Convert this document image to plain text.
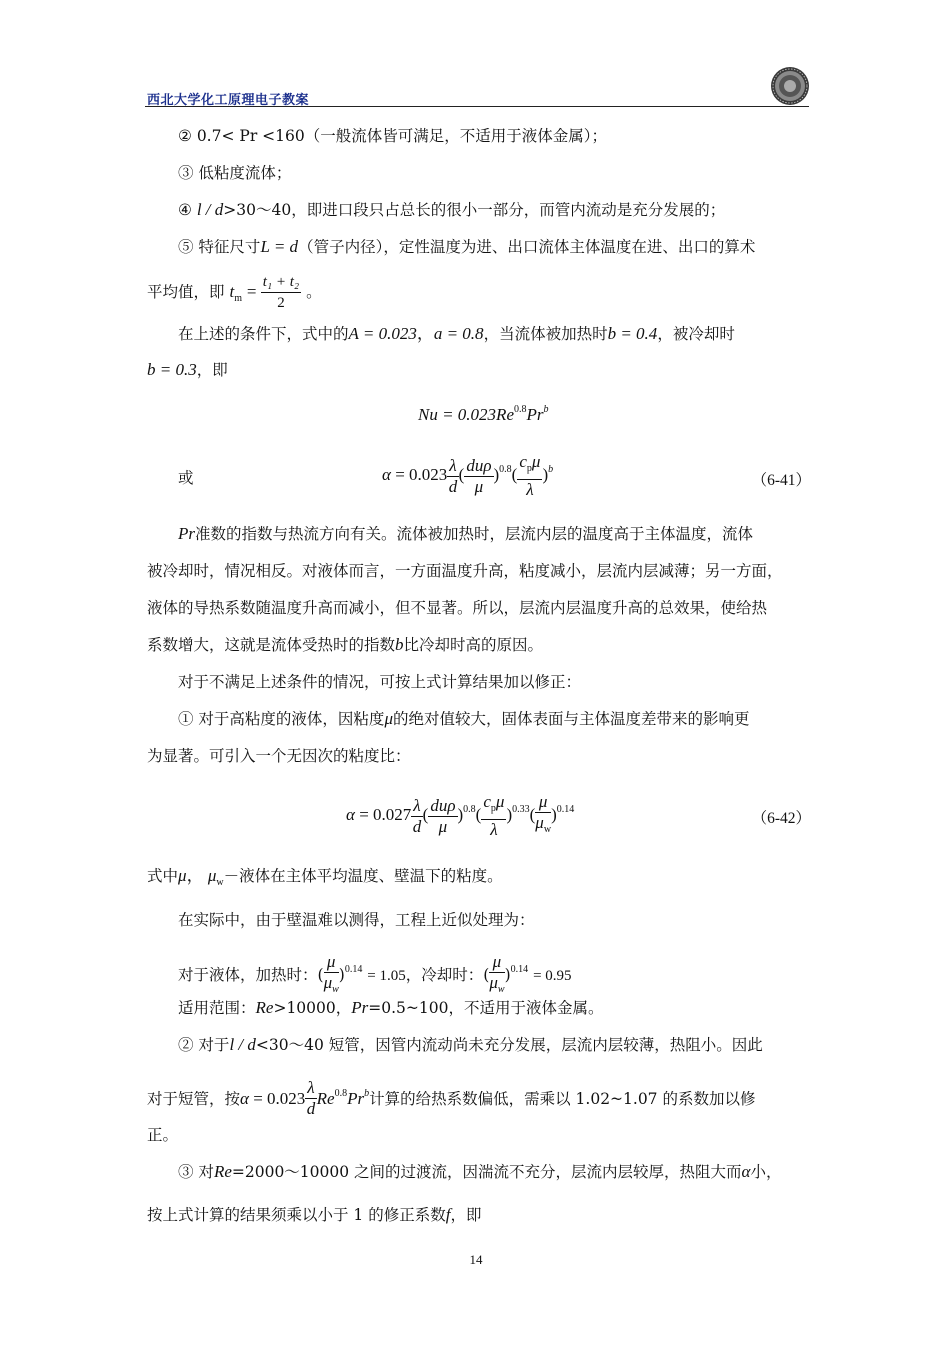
西北大学化工原理电子教案
② 0.7< Pr <160（一般流体皆可满足，不适用于液体金属）；
③ 低粘度流体；
④ l / d>30～40，即进口段只占总长的很小一部分，而管内流动是充分发展的；
⑤ 特征尺寸L = d（管子内径），定性温度为进、出口流体主体温度在进、出口的算术
平均值，即 $t_m = \frac{\text{t₁ + t₂}}{2}$ 。
在上述的条件下，式中的A = 0.023，a = 0.8，当流体被加热时b = 0.4，被冷却时
b = 0.3，即
$Nu = 0.023Re^{0.8}Pr^b$
或	$\alpha = 0.023 \frac{\lambda}{d}$ ( $\frac{\text{duρ}}{\mu} )^{0.8}( \frac{c_p\mu}{\lambda} )^b$
（6-41）
Pr准数的指数与热流方向有关。流体被加热时，层流内层的温度高于主体温度，流体
被冷却时，情况相反。对液体而言，一方面温度升高，粘度减小，层流内层减薄；另一方面，
液体的导热系数随温度升高而减小，但不显著。所以，层流内层温度升高的总效果，使给热
系数增大，这就是流体受热时的指数b比冷却时高的原因。
对于不满足上述条件的情况，可按上式计算结果加以修正：
① 对于高粘度的液体，因粘度μ的绝对值较大，固体表面与主体温度差带来的影响更
为显著。可引入一个无因次的粘度比：
$\alpha = 0.027 \frac{\lambda}{d}$ ( $\frac{\text{duρ}}{\mu} )^{0.8}( \frac{c_p\mu}{\lambda} )^{0.33}( \frac{\mu}{\mu_w} )^{0.14}$
（6-42）
式中μ， $\mu_w-$液体在主体平均温度、壁温下的粘度。
在实际中，由于壁温难以测得，工程上近似处理为：
对于液体，加热时：( $\frac{\mu}{\mu_w} )^{0.14} = 1.05$，冷却时：( $\frac{\mu}{\mu_w} )^{0.14} = 0.95$
适用范围：Re>10000，Pr=0.5~100，不适用于液体金属。
② 对于l / d<30～40 短管，因管内流动尚未充分发展，层流内层较薄，热阻小。因此
对于短管，按$\alpha = 0.023 \frac{\lambda}{d} Re^{0.8}Pr^b$计算的给热系数偏低，需乘以 1.02~1.07 的系数加以修
正。
③ 对Re=2000～10000 之间的过渡流，因湍流不充分，层流内层较厚，热阻大而α小，
按上式计算的结果须乘以小于 1 的修正系数f，即
14
